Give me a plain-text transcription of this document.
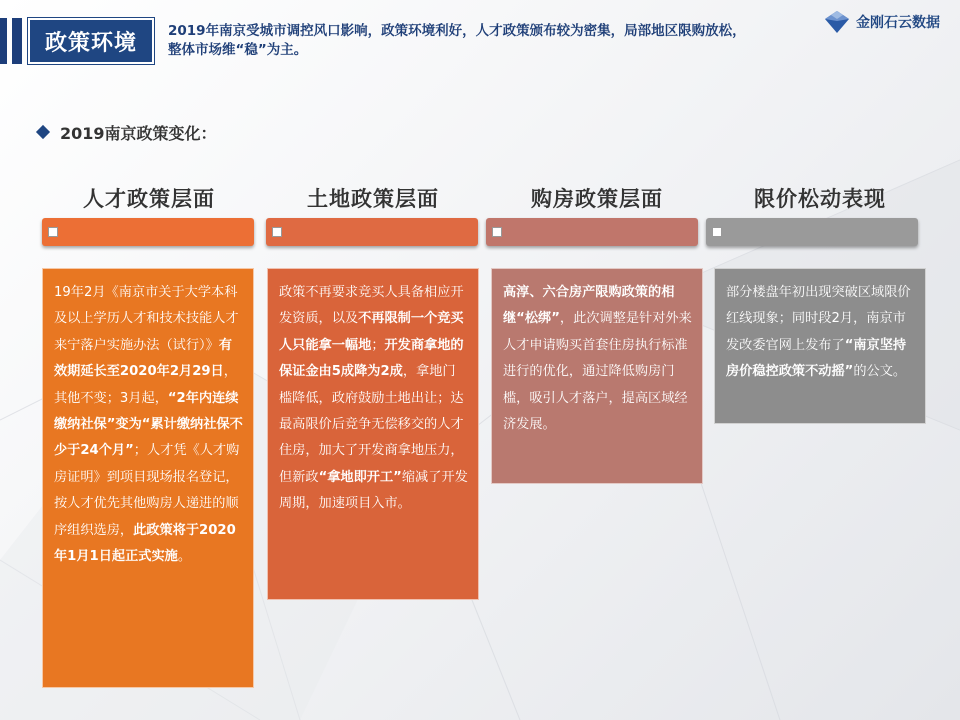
政策环境	2019年南京受城市调控风口影响，政策环境利好，人才政策颁布较为密集，局部地区限购放松，整体市场维“稳”为主。
金刚石云数据
2019南京政策变化：
人才政策层面	土地政策层面	购房政策层面	限价松动表现
19年2月《南京市关于大学本科及以上学历人才和技术技能人才来宁落户实施办法（试行）》有效期延长至2020年2月29日，其他不变；3月起，“2年内连续缴纳社保”变为“累计缴纳社保不少于24个月”；人才凭《人才购房证明》到项目现场报名登记，按人才优先其他购房人递进的顺序组织选房，此政策将于2020年1月1日起正式实施。
政策不再要求竞买人具备相应开发资质，以及不再限制一个竞买人只能拿一幅地；开发商拿地的保证金由5成降为2成，拿地门槛降低，政府鼓励土地出让；达最高限价后竞争无偿移交的人才住房，加大了开发商拿地压力，但新政“拿地即开工”缩减了开发周期，加速项目入市。
高淳、六合房产限购政策的相继“松绑”，此次调整是针对外来人才申请购买首套住房执行标准进行的优化，通过降低购房门槛，吸引人才落户，提高区域经济发展。
部分楼盘年初出现突破区域限价红线现象；同时段2月，南京市发改委官网上发布了“南京坚持房价稳控政策不动摇”的公文。
